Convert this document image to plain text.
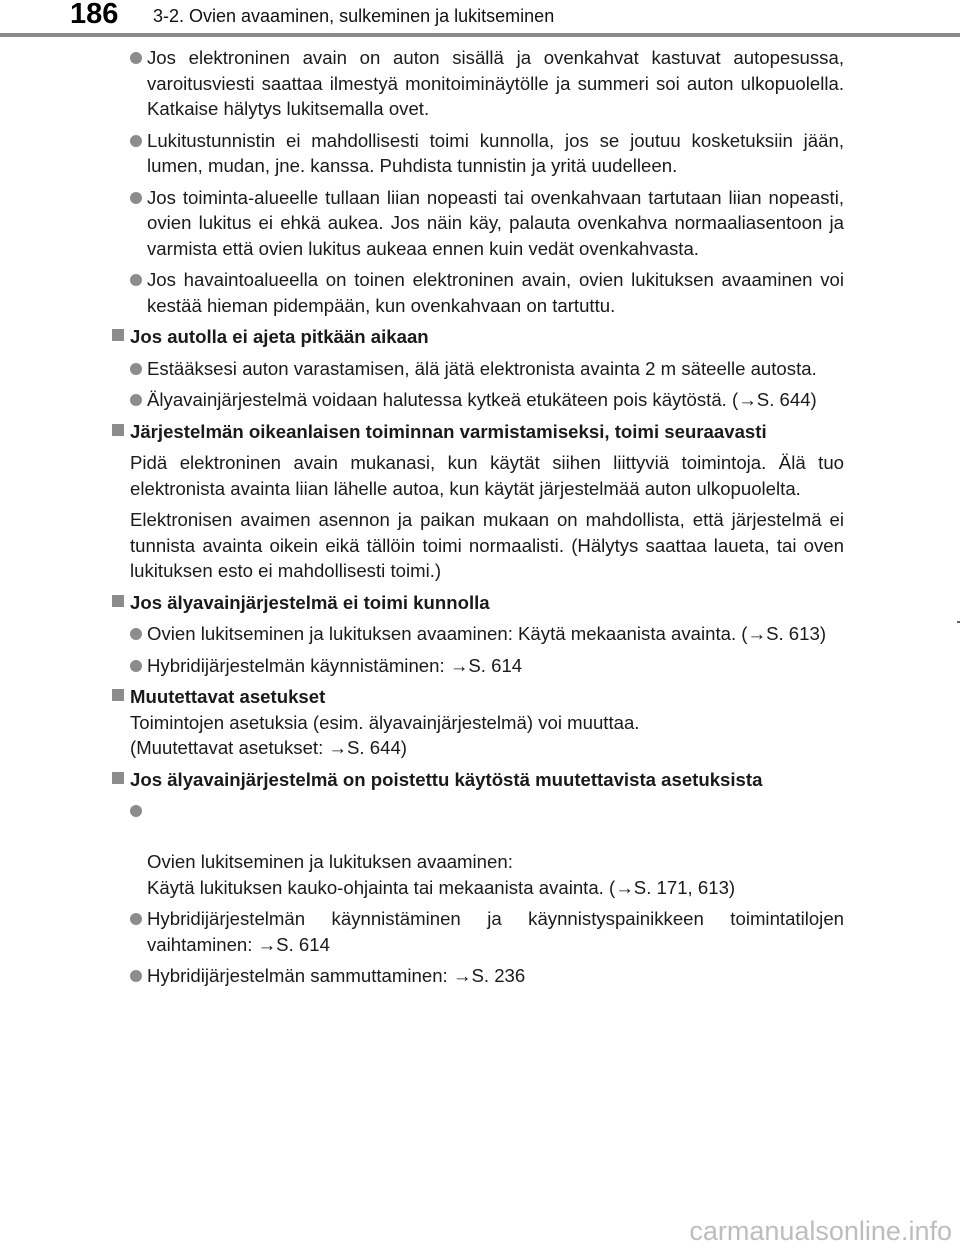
186 3-2. Ovien avaaminen, sulkeminen ja lukitseminen
Jos elektroninen avain on auton sisällä ja ovenkahvat kastuvat autopesussa, varoitusviesti saattaa ilmestyä monitoiminäytölle ja summeri soi auton ulkopuolella. Katkaise hälytys lukitsemalla ovet.
Lukitustunnistin ei mahdollisesti toimi kunnolla, jos se joutuu kosketuksiin jään, lumen, mudan, jne. kanssa. Puhdista tunnistin ja yritä uudelleen.
Jos toiminta-alueelle tullaan liian nopeasti tai ovenkahvaan tartutaan liian nopeasti, ovien lukitus ei ehkä aukea. Jos näin käy, palauta ovenkahva normaaliasentoon ja varmista että ovien lukitus aukeaa ennen kuin vedät ovenkahvasta.
Jos havaintoalueella on toinen elektroninen avain, ovien lukituksen avaaminen voi kestää hieman pidempään, kun ovenkahvaan on tartuttu.
Jos autolla ei ajeta pitkään aikaan
Estääksesi auton varastamisen, älä jätä elektronista avainta 2 m säteelle autosta.
Älyavainjärjestelmä voidaan halutessa kytkeä etukäteen pois käytöstä. (→S. 644)
Järjestelmän oikeanlaisen toiminnan varmistamiseksi, toimi seuraavasti
Pidä elektroninen avain mukanasi, kun käytät siihen liittyviä toimintoja. Älä tuo elektronista avainta liian lähelle autoa, kun käytät järjestelmää auton ulkopuolelta.
Elektronisen avaimen asennon ja paikan mukaan on mahdollista, että järjestelmä ei tunnista avainta oikein eikä tällöin toimi normaalisti. (Hälytys saattaa laueta, tai oven lukituksen esto ei mahdollisesti toimi.)
Jos älyavainjärjestelmä ei toimi kunnolla
Ovien lukitseminen ja lukituksen avaaminen: Käytä mekaanista avainta. (→S. 613)
Hybridijärjestelmän käynnistäminen: →S. 614
Muutettavat asetukset
Toimintojen asetuksia (esim. älyavainjärjestelmä) voi muuttaa.
(Muutettavat asetukset: →S. 644)
Jos älyavainjärjestelmä on poistettu käytöstä muutettavista asetuksista

Ovien lukitseminen ja lukituksen avaaminen:
Käytä lukituksen kauko-ohjainta tai mekaanista avainta. (→S. 171, 613)

Hybridijärjestelmän käynnistäminen ja käynnistyspainikkeen toimintatilojen vaihtaminen: →S. 614
Hybridijärjestelmän sammuttaminen: →S. 236
carmanualsonline.info
